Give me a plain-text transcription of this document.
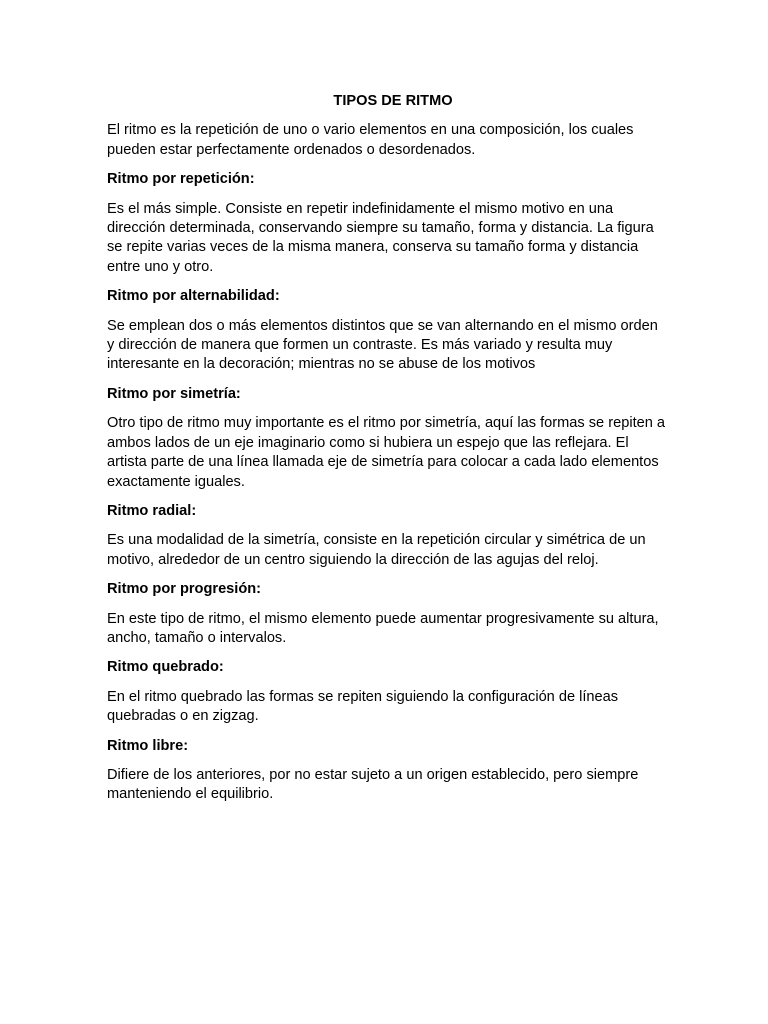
TIPOS DE RITMO

El ritmo es la repetición de uno o vario elementos en una composición, los cuales pueden estar perfectamente ordenados o desordenados.

Ritmo por repetición:

Es el más simple. Consiste en repetir indefinidamente el mismo motivo en una dirección determinada, conservando siempre su tamaño, forma y distancia. La figura se repite varias veces de la misma manera, conserva su tamaño forma y distancia entre uno y otro.

Ritmo por alternabilidad:

Se emplean dos o más elementos distintos que se van alternando en el mismo orden y dirección de manera que formen un contraste. Es más variado y resulta muy interesante en la decoración; mientras no se abuse de los motivos

Ritmo por simetría:

Otro tipo de ritmo muy importante es el ritmo por simetría, aquí las formas se repiten a ambos lados de un eje imaginario como si hubiera un espejo que las reflejara. El artista parte de una línea llamada eje de simetría para colocar a cada lado elementos exactamente iguales.

Ritmo radial:

Es una modalidad de la simetría, consiste en la repetición circular y simétrica de un motivo, alrededor de un centro siguiendo la dirección de las agujas del reloj.

Ritmo por progresión:

En este tipo de ritmo, el mismo elemento puede aumentar progresivamente su altura, ancho, tamaño o intervalos.

Ritmo quebrado:

En el ritmo quebrado las formas se repiten siguiendo la configuración de líneas quebradas o en zigzag.

Ritmo libre:

Difiere de los anteriores, por no estar sujeto a un origen establecido, pero siempre manteniendo el equilibrio.
